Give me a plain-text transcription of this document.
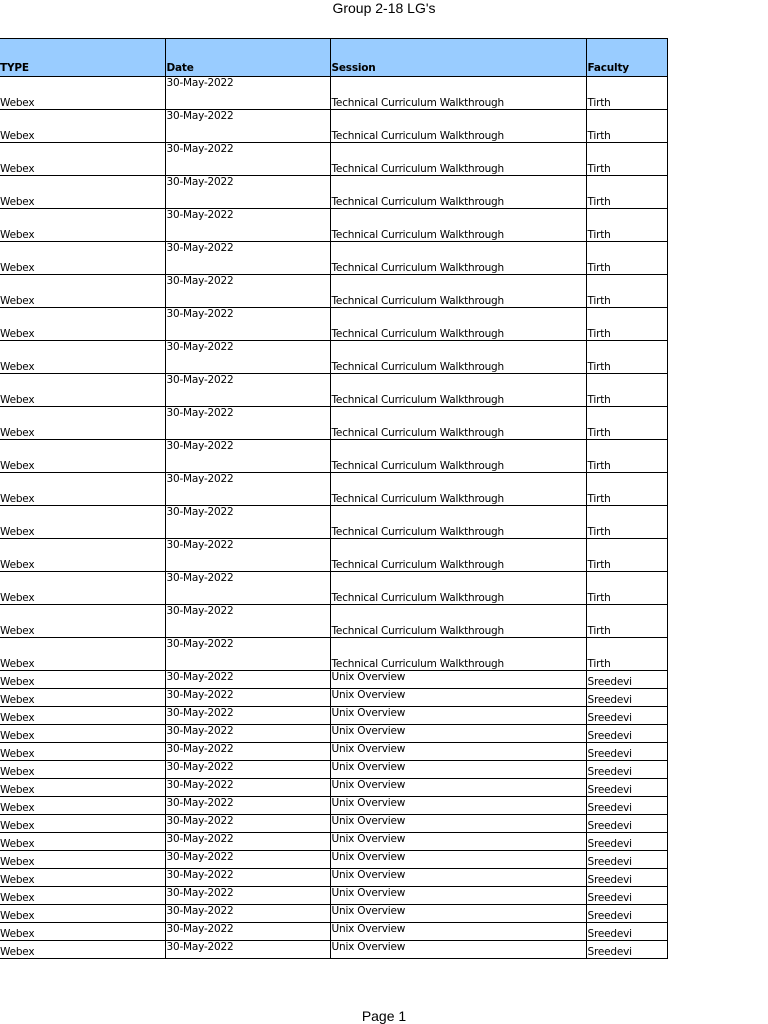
Group 2-18 LG's
TYPE	Date	Session	Faculty
Webex	30-May-2022	Technical Curriculum Walkthrough	Tirth
Webex	30-May-2022	Technical Curriculum Walkthrough	Tirth
Webex	30-May-2022	Technical Curriculum Walkthrough	Tirth
Webex	30-May-2022	Technical Curriculum Walkthrough	Tirth
Webex	30-May-2022	Technical Curriculum Walkthrough	Tirth
Webex	30-May-2022	Technical Curriculum Walkthrough	Tirth
Webex	30-May-2022	Technical Curriculum Walkthrough	Tirth
Webex	30-May-2022	Technical Curriculum Walkthrough	Tirth
Webex	30-May-2022	Technical Curriculum Walkthrough	Tirth
Webex	30-May-2022	Technical Curriculum Walkthrough	Tirth
Webex	30-May-2022	Technical Curriculum Walkthrough	Tirth
Webex	30-May-2022	Technical Curriculum Walkthrough	Tirth
Webex	30-May-2022	Technical Curriculum Walkthrough	Tirth
Webex	30-May-2022	Technical Curriculum Walkthrough	Tirth
Webex	30-May-2022	Technical Curriculum Walkthrough	Tirth
Webex	30-May-2022	Technical Curriculum Walkthrough	Tirth
Webex	30-May-2022	Technical Curriculum Walkthrough	Tirth
Webex	30-May-2022	Technical Curriculum Walkthrough	Tirth
Webex	30-May-2022	Unix Overview	Sreedevi
Webex	30-May-2022	Unix Overview	Sreedevi
Webex	30-May-2022	Unix Overview	Sreedevi
Webex	30-May-2022	Unix Overview	Sreedevi
Webex	30-May-2022	Unix Overview	Sreedevi
Webex	30-May-2022	Unix Overview	Sreedevi
Webex	30-May-2022	Unix Overview	Sreedevi
Webex	30-May-2022	Unix Overview	Sreedevi
Webex	30-May-2022	Unix Overview	Sreedevi
Webex	30-May-2022	Unix Overview	Sreedevi
Webex	30-May-2022	Unix Overview	Sreedevi
Webex	30-May-2022	Unix Overview	Sreedevi
Webex	30-May-2022	Unix Overview	Sreedevi
Webex	30-May-2022	Unix Overview	Sreedevi
Webex	30-May-2022	Unix Overview	Sreedevi
Webex	30-May-2022	Unix Overview	Sreedevi
Page 1
